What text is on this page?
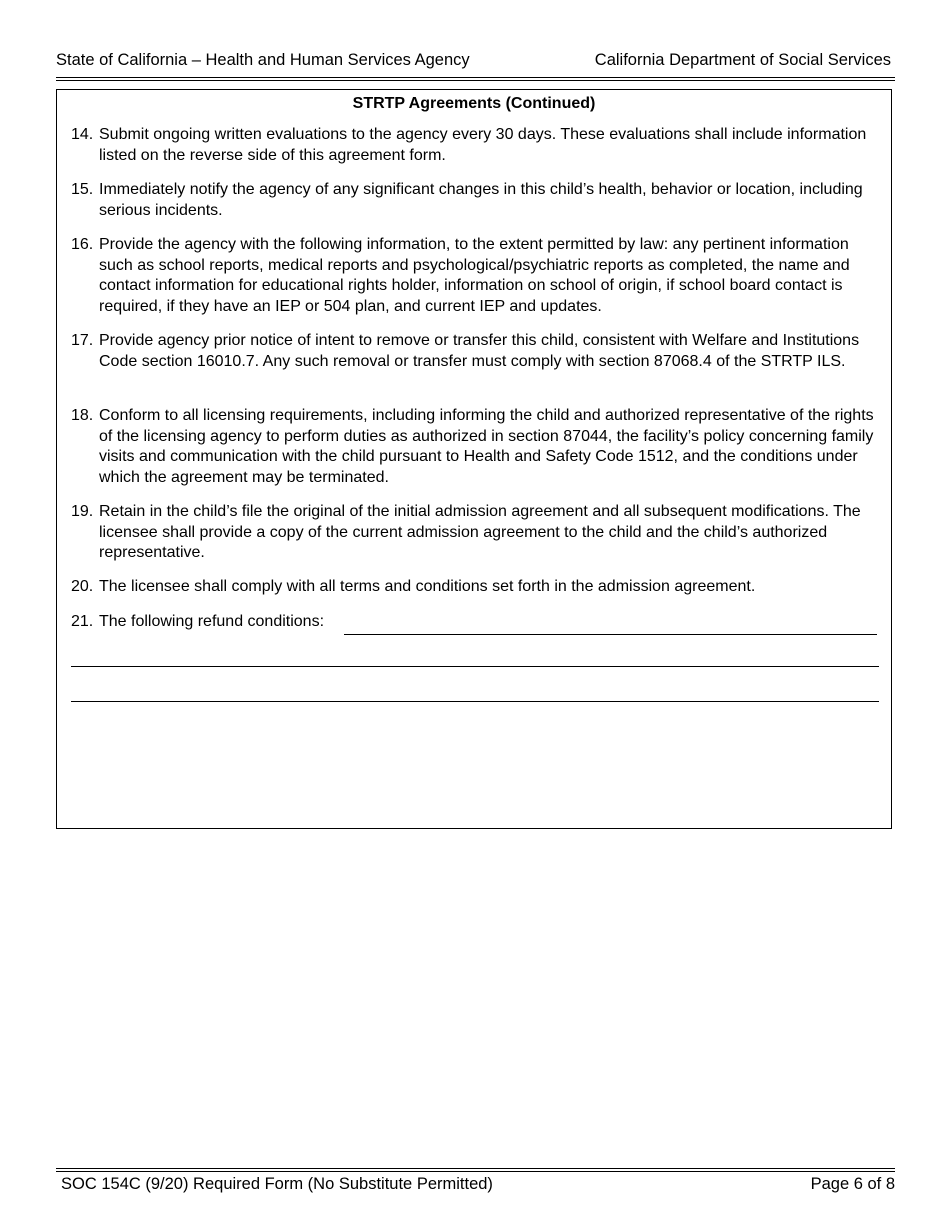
State of California – Health and Human Services Agency	California Department of Social Services
STRTP Agreements (Continued)
14. Submit ongoing written evaluations to the agency every 30 days. These evaluations shall include information listed on the reverse side of this agreement form.
15. Immediately notify the agency of any significant changes in this child’s health, behavior or location, including serious incidents.
16. Provide the agency with the following information, to the extent permitted by law: any pertinent information such as school reports, medical reports and psychological/psychiatric reports as completed, the name and contact information for educational rights holder, information on school of origin, if school board contact is required, if they have an IEP or 504 plan, and current IEP and updates.
17. Provide agency prior notice of intent to remove or transfer this child, consistent with Welfare and Institutions Code section 16010.7. Any such removal or transfer must comply with section 87068.4 of the STRTP ILS.
18. Conform to all licensing requirements, including informing the child and authorized representative of the rights of the licensing agency to perform duties as authorized in section 87044, the facility’s policy concerning family visits and communication with the child pursuant to Health and Safety Code 1512, and the conditions under which the agreement may be terminated.
19. Retain in the child’s file the original of the initial admission agreement and all subsequent modifications. The licensee shall provide a copy of the current admission agreement to the child and the child’s authorized representative.
20. The licensee shall comply with all terms and conditions set forth in the admission agreement.
21. The following refund conditions:
SOC 154C (9/20) Required Form (No Substitute Permitted)	Page 6 of 8
